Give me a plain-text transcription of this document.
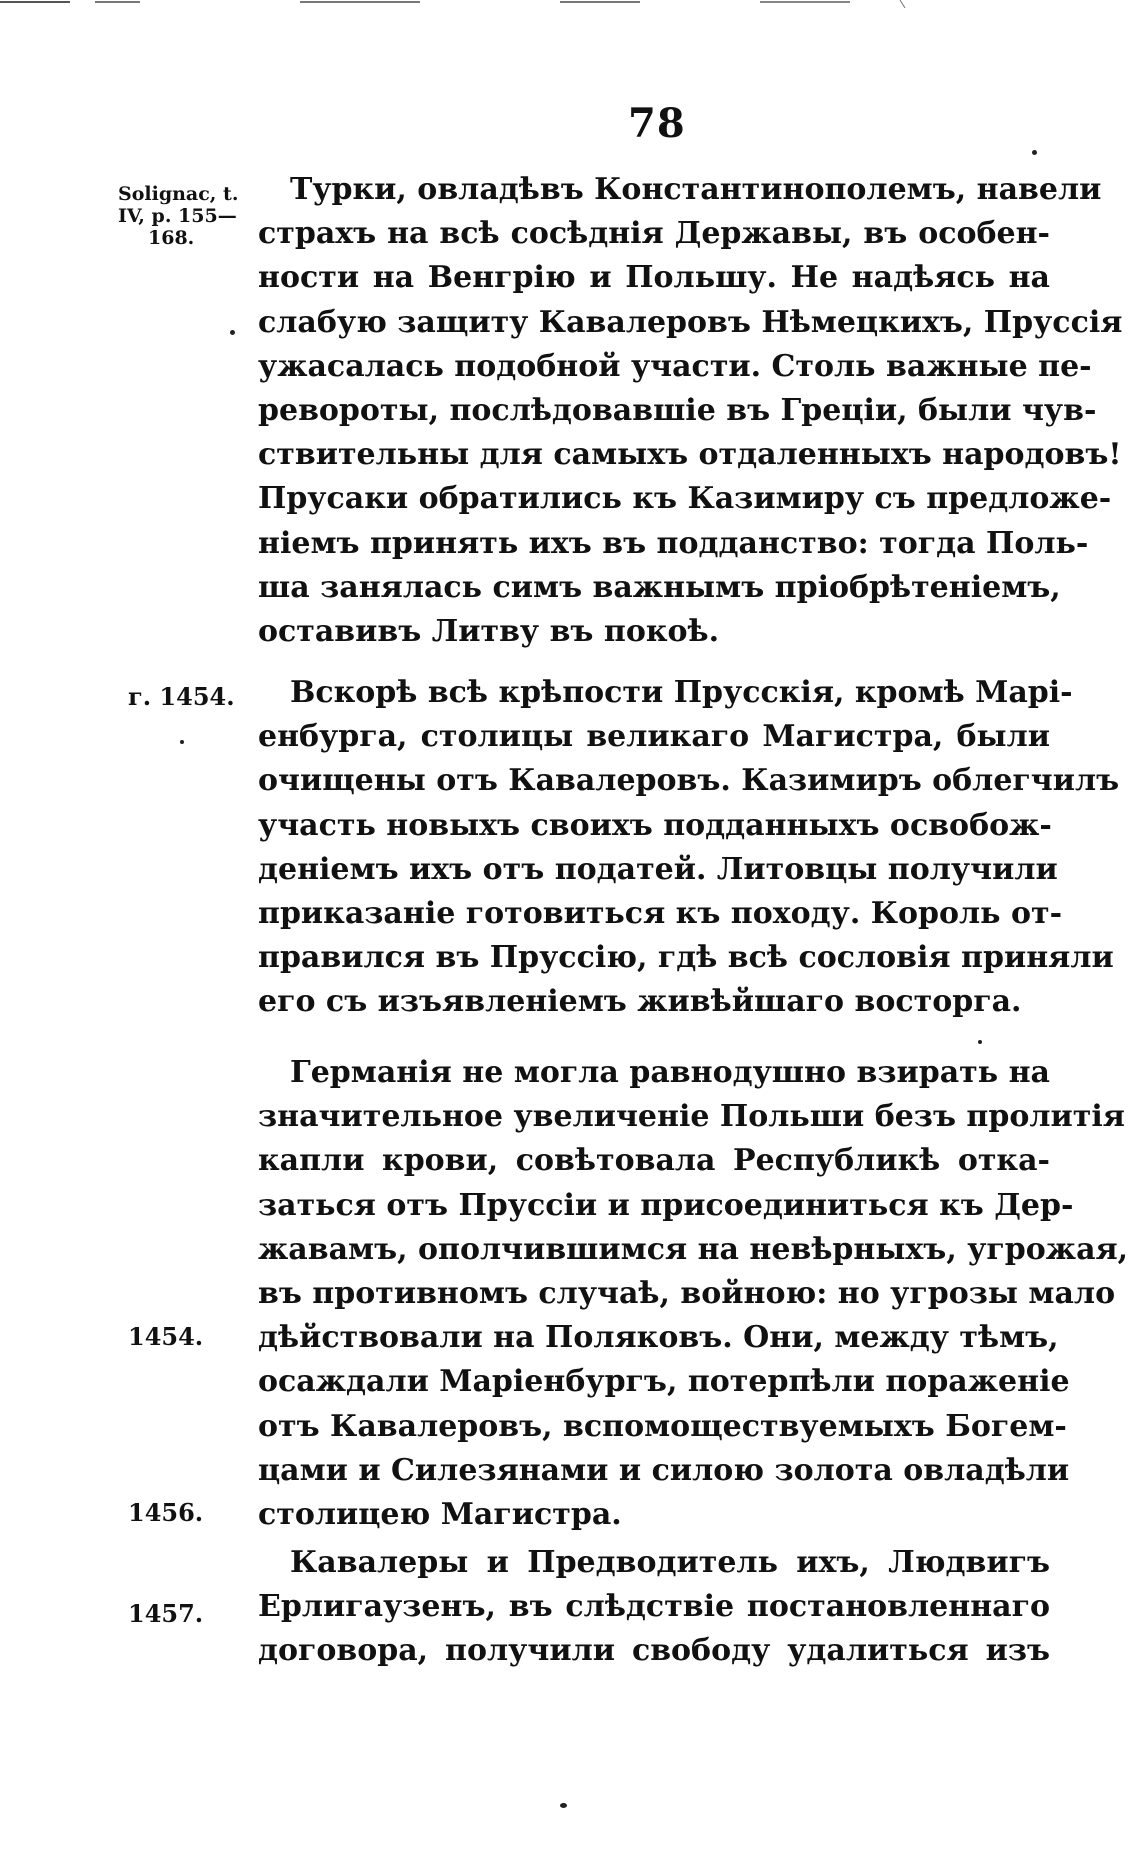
78
Solignac, t.
IV, p. 155—
168.
г. 1454.
1454.
1456.
1457.
Турки, овладѣвъ Константинополемъ, навели
страхъ на всѣ сосѣднія Державы, въ особен-
ности на Венгрію и Польшу. Не надѣясь на
слабую защиту Кавалеровъ Нѣмецкихъ, Пруссія
ужасалась подобной участи. Столь важные пе-
ревороты, послѣдовавшіе въ Греціи, были чув-
ствительны для самыхъ отдаленныхъ народовъ!
Прусаки обратились къ Казимиру съ предложе-
ніемъ принять ихъ въ подданство: тогда Поль-
ша занялась симъ важнымъ пріобрѣтеніемъ,
оставивъ Литву въ покоѣ.
Вскорѣ всѣ крѣпости Прусскія, кромѣ Марі-
енбурга, столицы великаго Магистра, были
очищены отъ Кавалеровъ. Казимиръ облегчилъ
участь новыхъ своихъ подданныхъ освобож-
деніемъ ихъ отъ податей. Литовцы получили
приказаніе готовиться къ походу. Король от-
правился въ Пруссію, гдѣ всѣ сословія приняли
его съ изъявленіемъ живѣйшаго восторга.
Германія не могла равнодушно взирать на
значительное увеличеніе Польши безъ пролитія
капли крови, совѣтовала Республикѣ отка-
заться отъ Пруссіи и присоединиться къ Дер-
жавамъ, ополчившимся на невѣрныхъ, угрожая,
въ противномъ случаѣ, войною: но угрозы мало
дѣйствовали на Поляковъ. Они, между тѣмъ,
осаждали Маріенбургъ, потерпѣли пораженіе
отъ Кавалеровъ, вспомоществуемыхъ Богем-
цами и Силезянами и силою золота овладѣли
столицею Магистра.
Кавалеры и Предводитель ихъ, Людвигъ
Ерлигаузенъ, въ слѣдствіе постановленнаго
договора, получили свободу удалиться изъ
